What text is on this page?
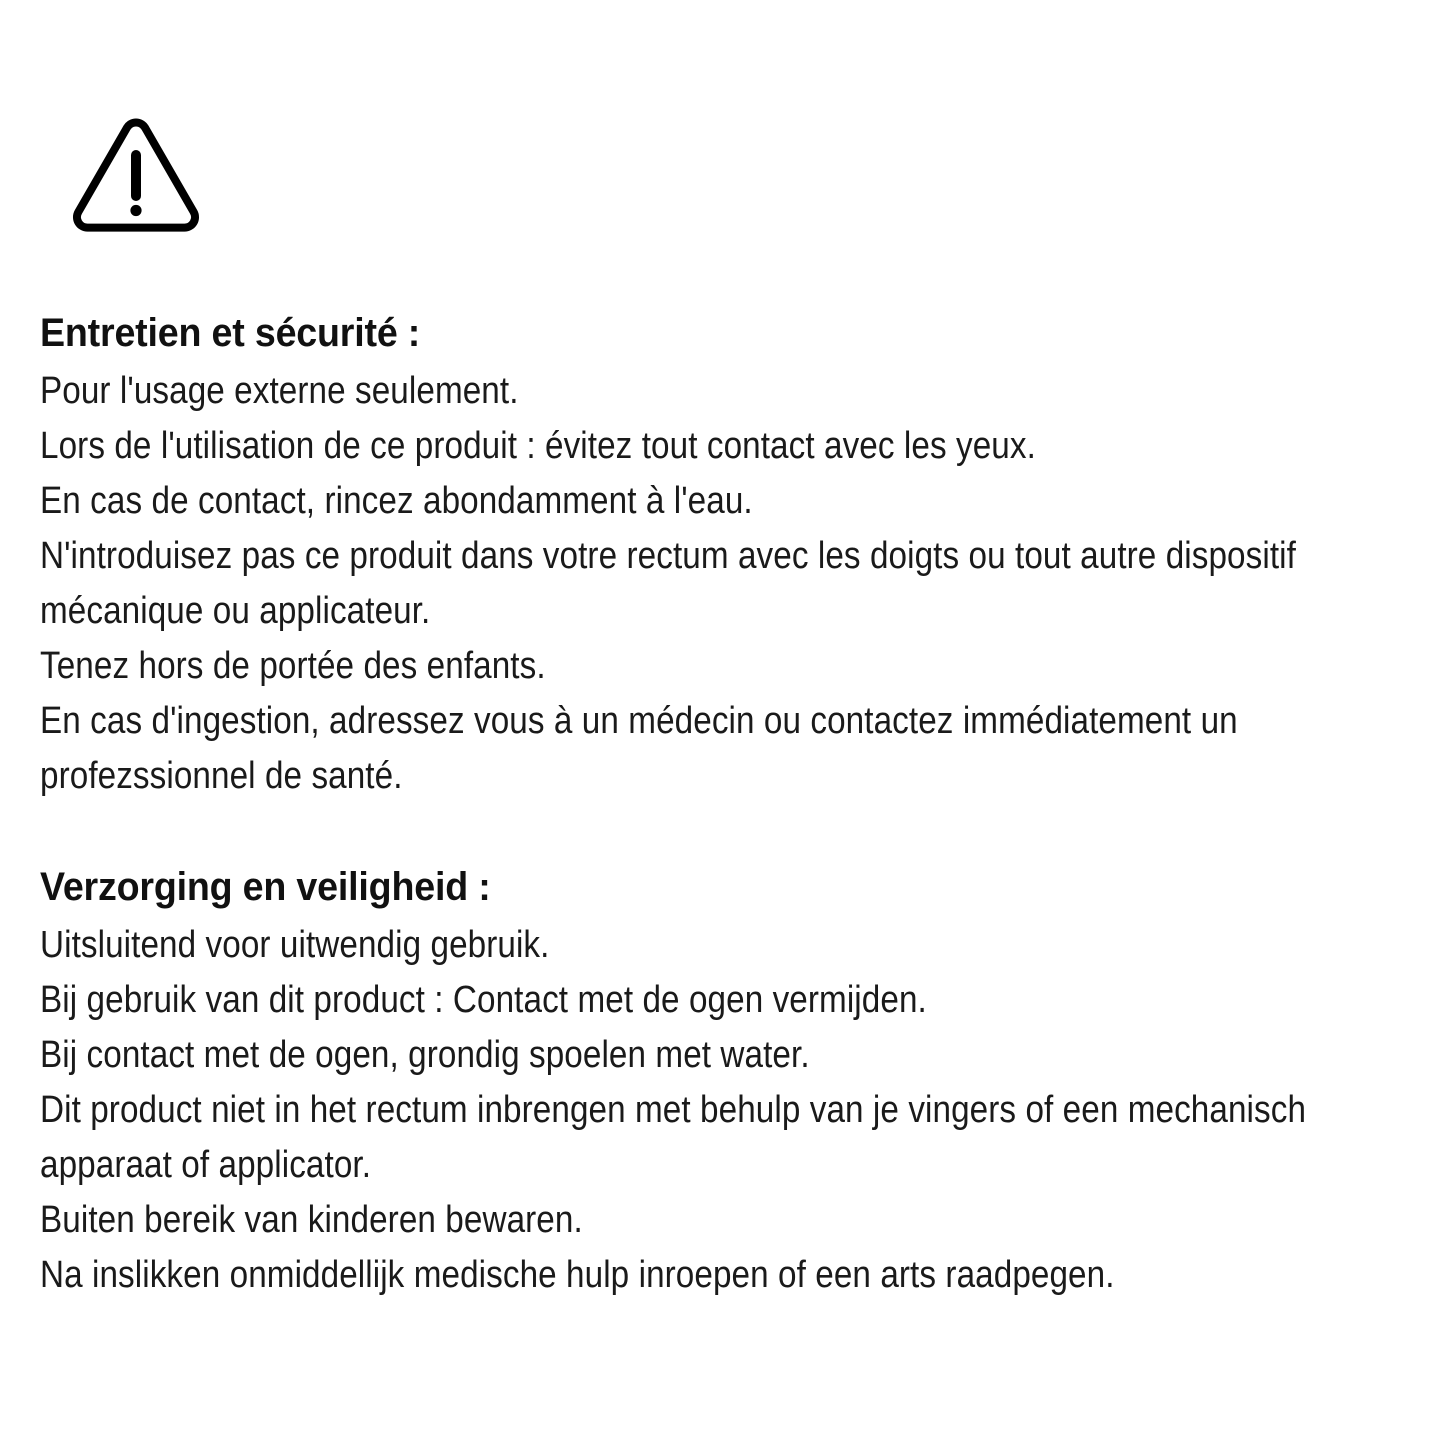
Entretien et sécurité :
Pour l'usage externe seulement.
Lors de l'utilisation de ce produit : évitez tout contact avec les yeux.
En cas de contact, rincez abondamment à l'eau.
N'introduisez pas ce produit dans votre rectum avec les doigts ou tout autre dispositif mécanique ou applicateur.
Tenez hors de portée des enfants.
En cas d'ingestion, adressez vous à un médecin ou contactez immédiatement un profezssionnel de santé.
Verzorging en veiligheid :
Uitsluitend voor uitwendig gebruik.
Bij gebruik van dit product : Contact met de ogen vermijden.
Bij contact met de ogen, grondig spoelen met water.
Dit product niet in het rectum inbrengen met behulp van je vingers of een mechanisch apparaat of applicator.
Buiten bereik van kinderen bewaren.
Na inslikken onmiddellijk medische hulp inroepen of een arts raadpegen.
